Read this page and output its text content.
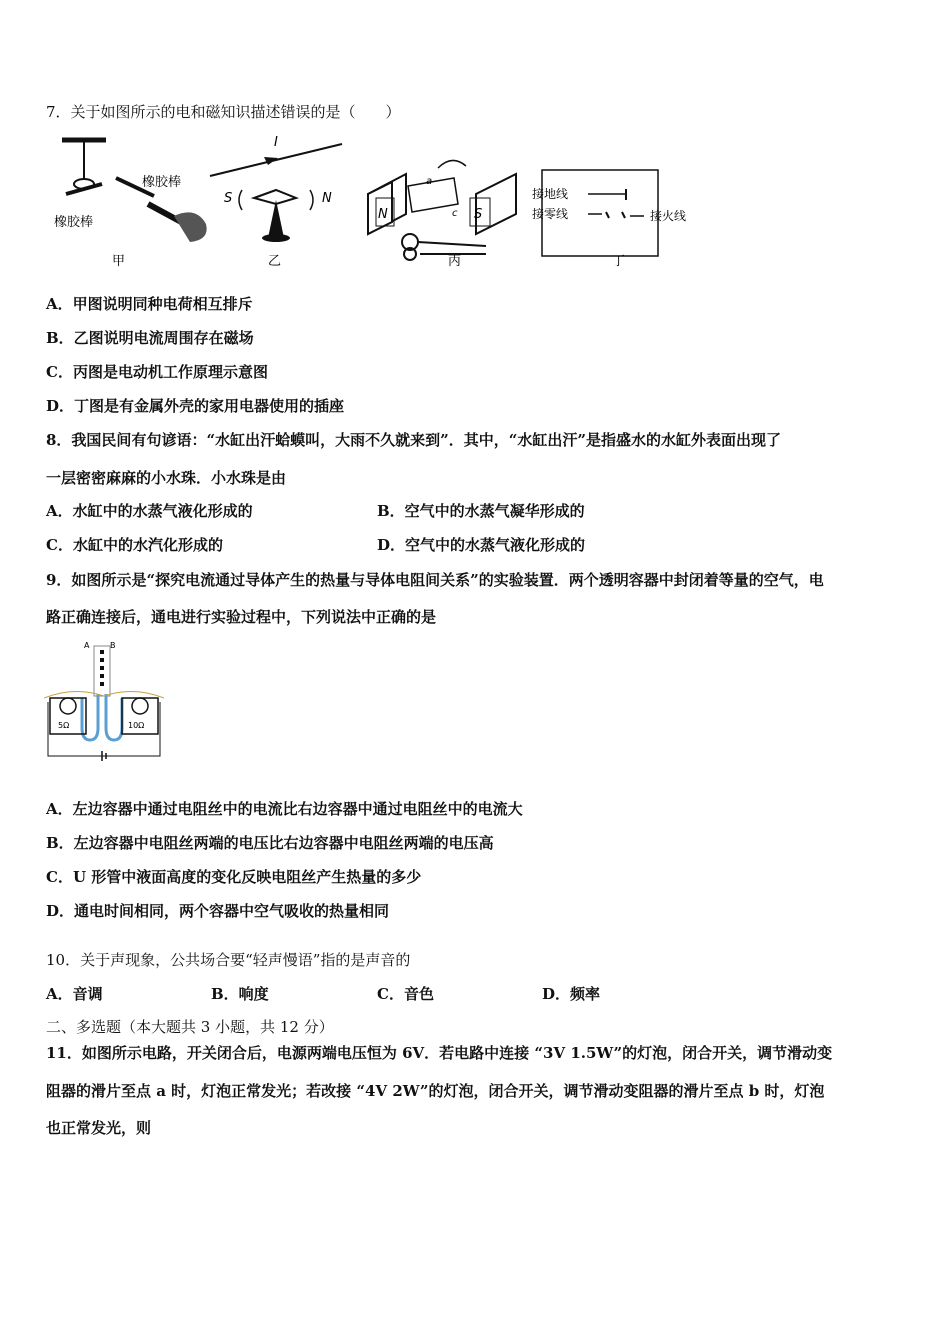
7．关于如图所示的电和磁知识描述错误的是（　　）
橡胶棒
橡胶棒
甲
I
S	N
乙
N	S
c
a
丙
接地线
接零线	接火线
丁
A．甲图说明同种电荷相互排斥
B．乙图说明电流周围存在磁场
C．丙图是电动机工作原理示意图
D．丁图是有金属外壳的家用电器使用的插座
8．我国民间有句谚语：“水缸出汗蛤蟆叫，大雨不久就来到”．其中，“水缸出汗”是指盛水的水缸外表面出现了
一层密密麻麻的小水珠．小水珠是由
A．水缸中的水蒸气液化形成的	B．空气中的水蒸气凝华形成的
C．水缸中的水汽化形成的	D．空气中的水蒸气液化形成的
9．如图所示是“探究电流通过导体产生的热量与导体电阻间关系”的实验装置．两个透明容器中封闭着等量的空气，电
路正确连接后，通电进行实验过程中，下列说法中正确的是
A	B
5Ω	10Ω
A．左边容器中通过电阻丝中的电流比右边容器中通过电阻丝中的电流大
B．左边容器中电阻丝两端的电压比右边容器中电阻丝两端的电压高
C．U 形管中液面高度的变化反映电阻丝产生热量的多少
D．通电时间相同，两个容器中空气吸收的热量相同
10．关于声现象，公共场合要“轻声慢语”指的是声音的
A．音调	B．响度	C．音色	D．频率
二、多选题（本大题共 3 小题，共 12 分）
11．如图所示电路，开关闭合后，电源两端电压恒为 6V．若电路中连接 “3V 1.5W”的灯泡，闭合开关，调节滑动变
阻器的滑片至点 a 时，灯泡正常发光；若改接 “4V 2W”的灯泡，闭合开关，调节滑动变阻器的滑片至点 b 时，灯泡
也正常发光，则
